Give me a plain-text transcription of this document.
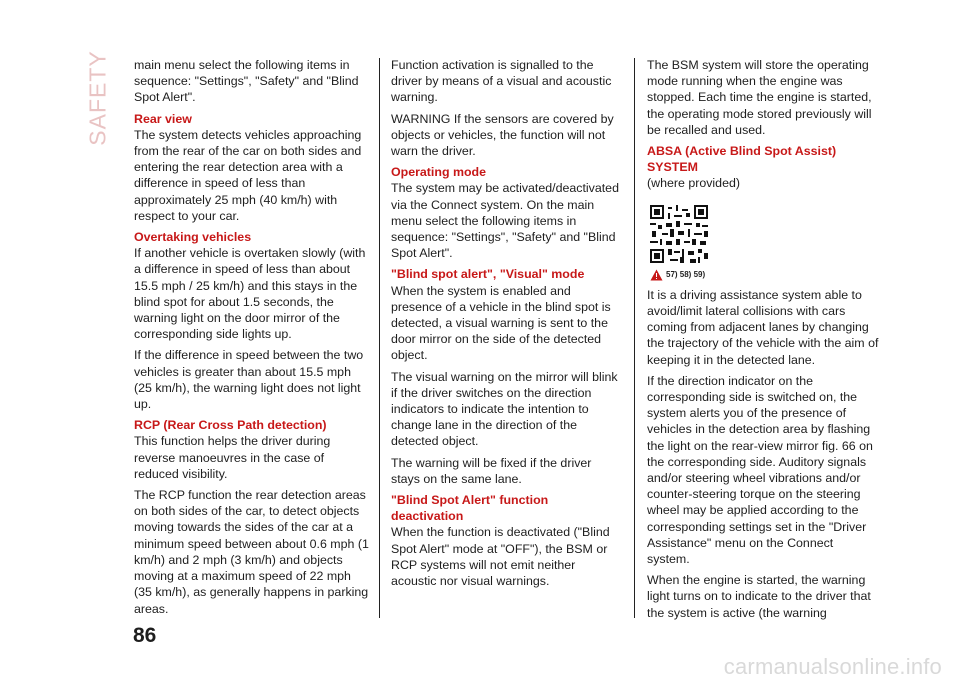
SAFETY main menu select the following items in sequence: "Settings", "Safety" and "Blind Spot Alert".

Rear view

The system detects vehicles approaching from the rear of the car on both sides and entering the rear detection area with a difference in speed of less than approximately 25 mph (40 km/h) with respect to your car.

Overtaking vehicles

If another vehicle is overtaken slowly (with a difference in speed of less than about 15.5 mph / 25 km/h) and this stays in the blind spot for about 1.5 seconds, the warning light on the door mirror of the corresponding side lights up.

If the difference in speed between the two vehicles is greater than about 15.5 mph (25 km/h), the warning light does not light up.

RCP (Rear Cross Path detection)

This function helps the driver during reverse manoeuvres in the case of reduced visibility.

The RCP function the rear detection areas on both sides of the car, to detect objects moving towards the sides of the car at a minimum speed between about 0.6 mph (1 km/h) and 2 mph (3 km/h) and objects moving at a maximum speed of 22 mph (35 km/h), as generally happens in parking areas.

Function activation is signalled to the driver by means of a visual and acoustic warning.

WARNING If the sensors are covered by objects or vehicles, the function will not warn the driver.

Operating mode

The system may be activated/deactivated via the Connect system. On the main menu select the following items in sequence: "Settings", "Safety" and "Blind Spot Alert".

"Blind spot alert", "Visual" mode

When the system is enabled and presence of a vehicle in the blind spot is detected, a visual warning is sent to the door mirror on the side of the detected object.

The visual warning on the mirror will blink if the driver switches on the direction indicators to indicate the intention to change lane in the direction of the detected object.

The warning will be fixed if the driver stays on the same lane.

"Blind Spot Alert" function deactivation

When the function is deactivated ("Blind Spot Alert" mode at "OFF"), the BSM or RCP systems will not emit neither acoustic nor visual warnings.

The BSM system will store the operating mode running when the engine was stopped. Each time the engine is started, the operating mode stored previously will be recalled and used.

ABSA (Active Blind Spot Assist) SYSTEM

(where provided)

57) 58) 59)

It is a driving assistance system able to avoid/limit lateral collisions with cars coming from adjacent lanes by changing the trajectory of the vehicle with the aim of keeping it in the detected lane.

If the direction indicator on the corresponding side is switched on, the system alerts you of the presence of vehicles in the detection area by flashing the light on the rear-view mirror fig. 66 on the corresponding side. Auditory signals and/or steering wheel vibrations and/or counter-steering torque on the steering wheel may be applied according to the corresponding settings set in the "Driver Assistance" menu on the Connect system.

When the engine is started, the warning light turns on to indicate to the driver that the system is active (the warning

86
carmanualsonline.info
